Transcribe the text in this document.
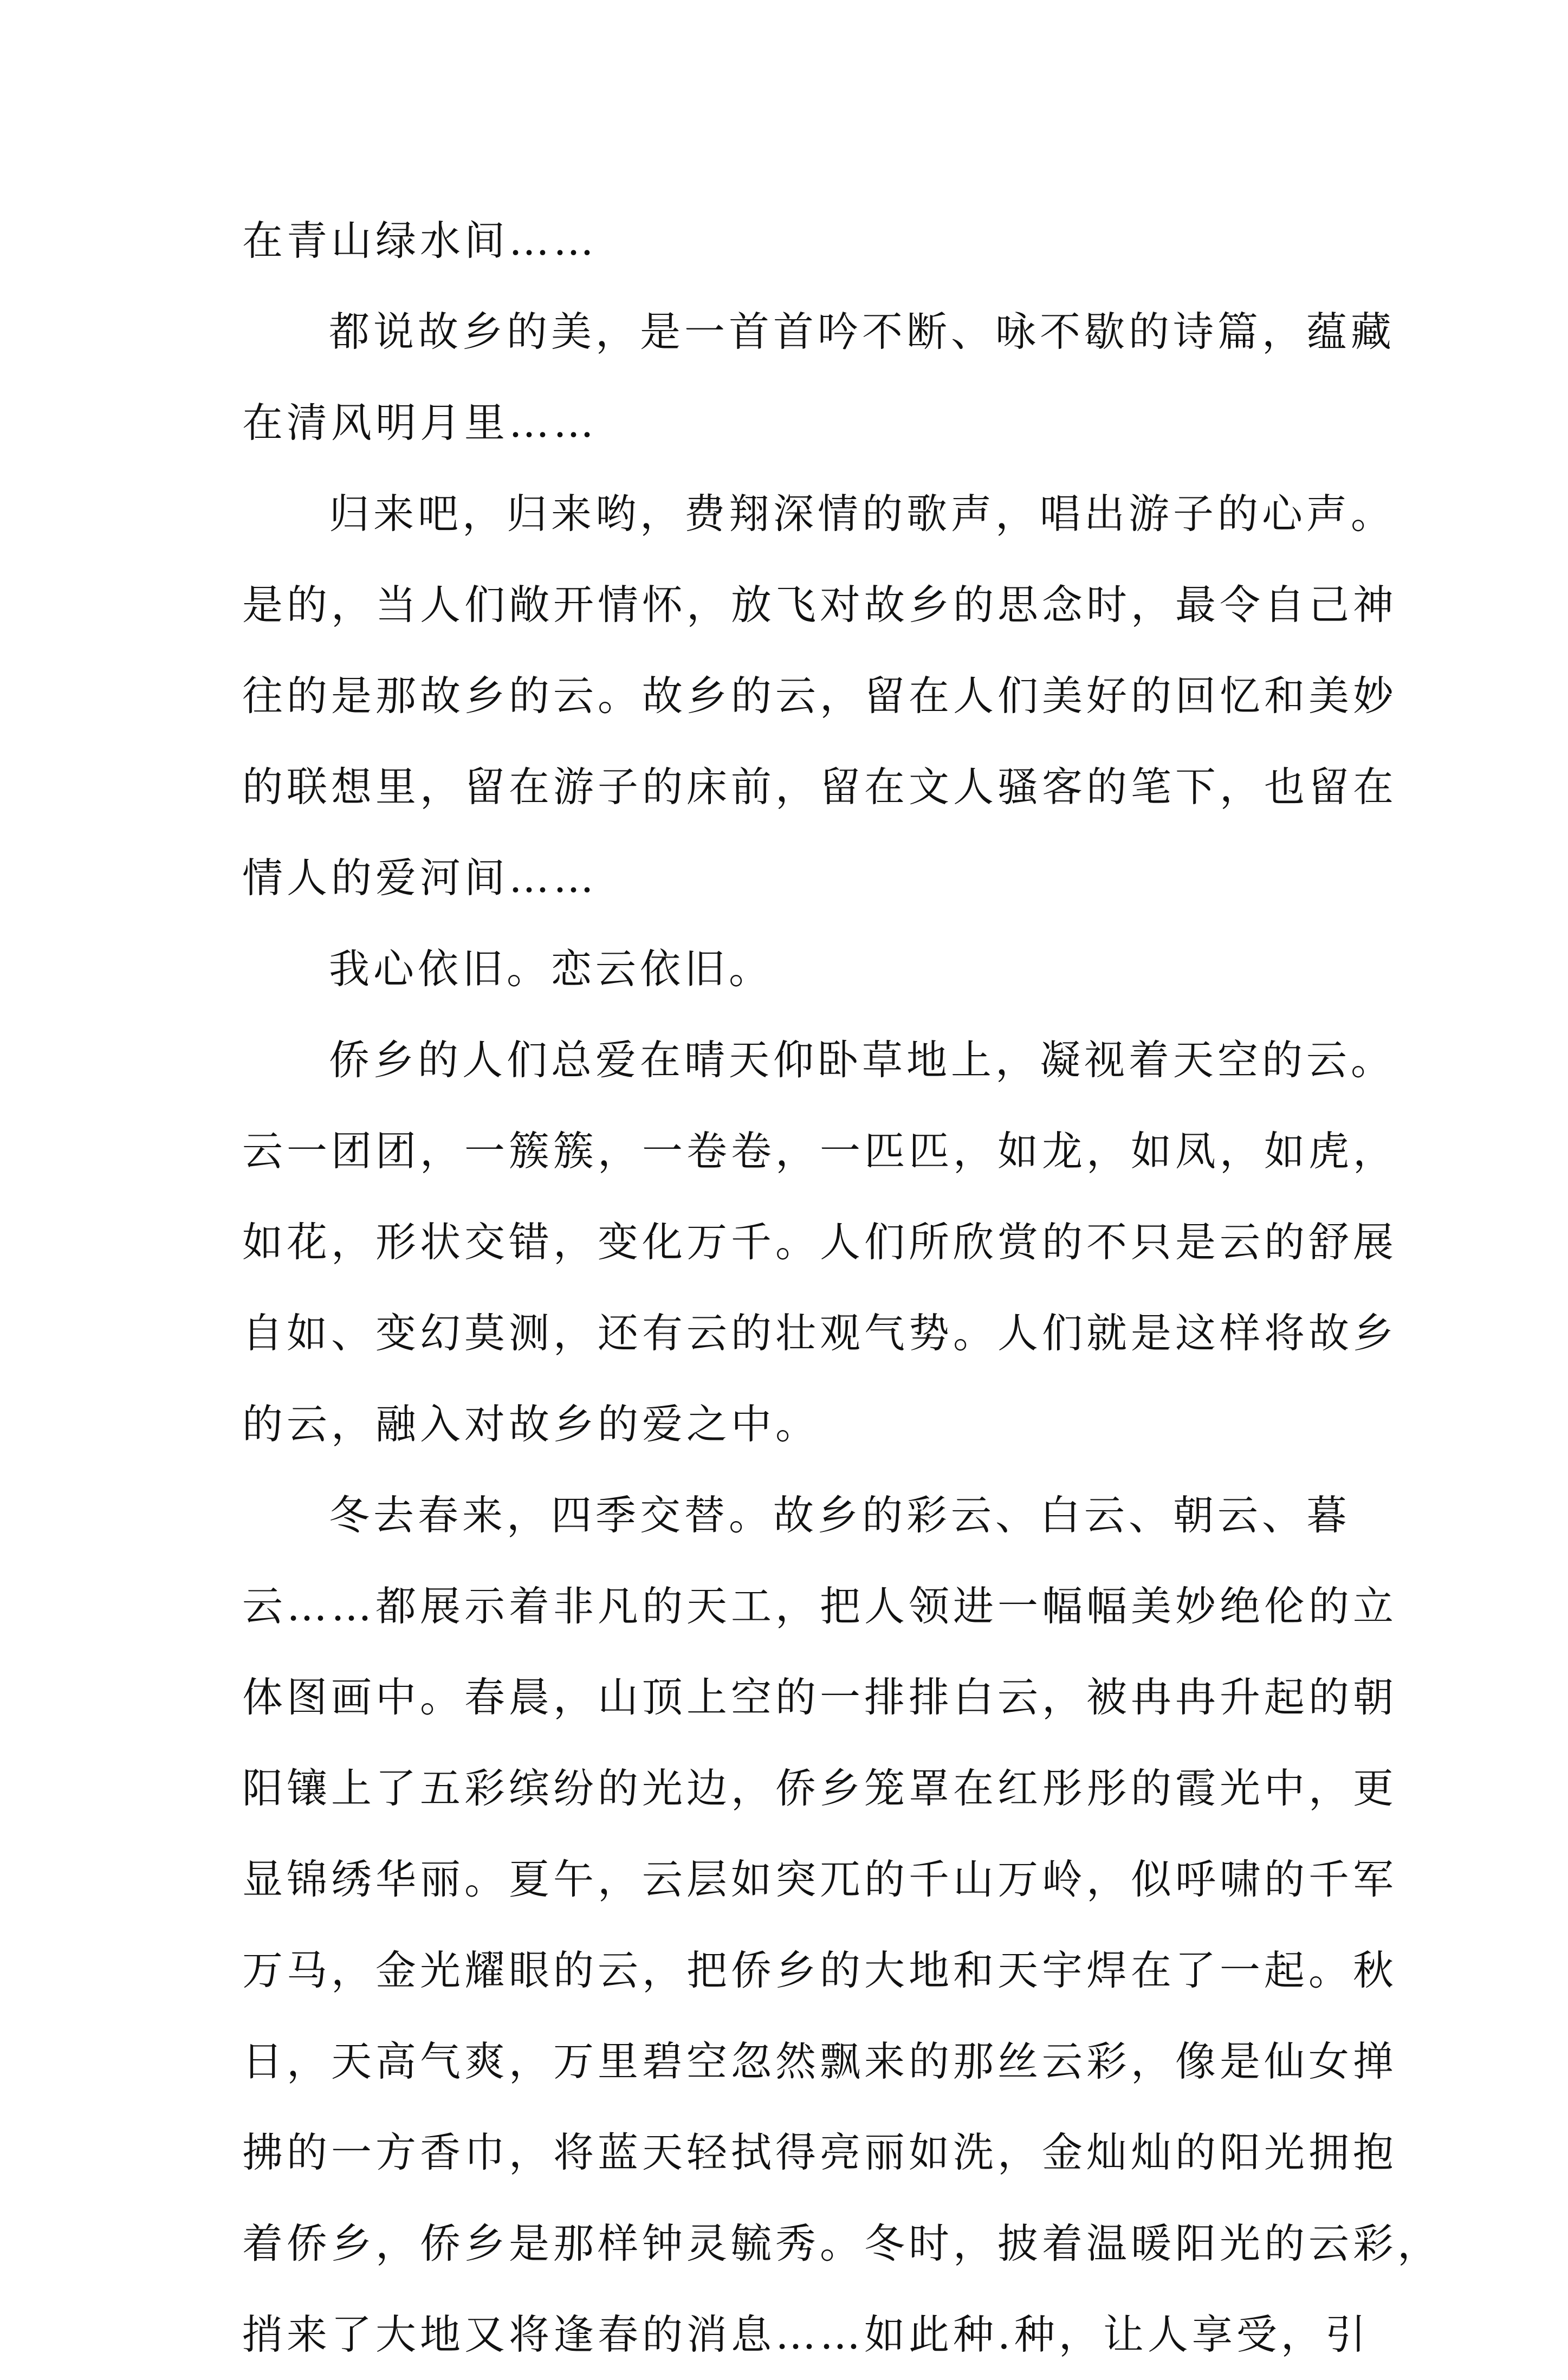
在青山绿水间……
都说故乡的美，是一首首吟不断、咏不歇的诗篇，蕴藏
在清风明月里……
归来吧，归来哟，费翔深情的歌声，唱出游子的心声。
是的，当人们敞开情怀，放飞对故乡的思念时，最令自己神
往的是那故乡的云。故乡的云，留在人们美好的回忆和美妙
的联想里，留在游子的床前，留在文人骚客的笔下，也留在
情人的爱河间……
我心依旧。恋云依旧。
侨乡的人们总爱在晴天仰卧草地上，凝视着天空的云。
云一团团，一簇簇，一卷卷，一匹匹，如龙，如凤，如虎，
如花，形状交错，变化万千。人们所欣赏的不只是云的舒展
自如、变幻莫测，还有云的壮观气势。人们就是这样将故乡
的云，融入对故乡的爱之中。
冬去春来，四季交替。故乡的彩云、白云、朝云、暮
云……都展示着非凡的天工，把人领进一幅幅美妙绝伦的立
体图画中。春晨，山顶上空的一排排白云，被冉冉升起的朝
阳镶上了五彩缤纷的光边，侨乡笼罩在红彤彤的霞光中，更
显锦绣华丽。夏午，云层如突兀的千山万岭，似呼啸的千军
万马，金光耀眼的云，把侨乡的大地和天宇焊在了一起。秋
日，天高气爽，万里碧空忽然飘来的那丝云彩，像是仙女掸
拂的一方香巾，将蓝天轻拭得亮丽如洗，金灿灿的阳光拥抱
着侨乡，侨乡是那样钟灵毓秀。冬时，披着温暖阳光的云彩，
捎来了大地又将逢春的消息……如此种.种，让人享受，引
